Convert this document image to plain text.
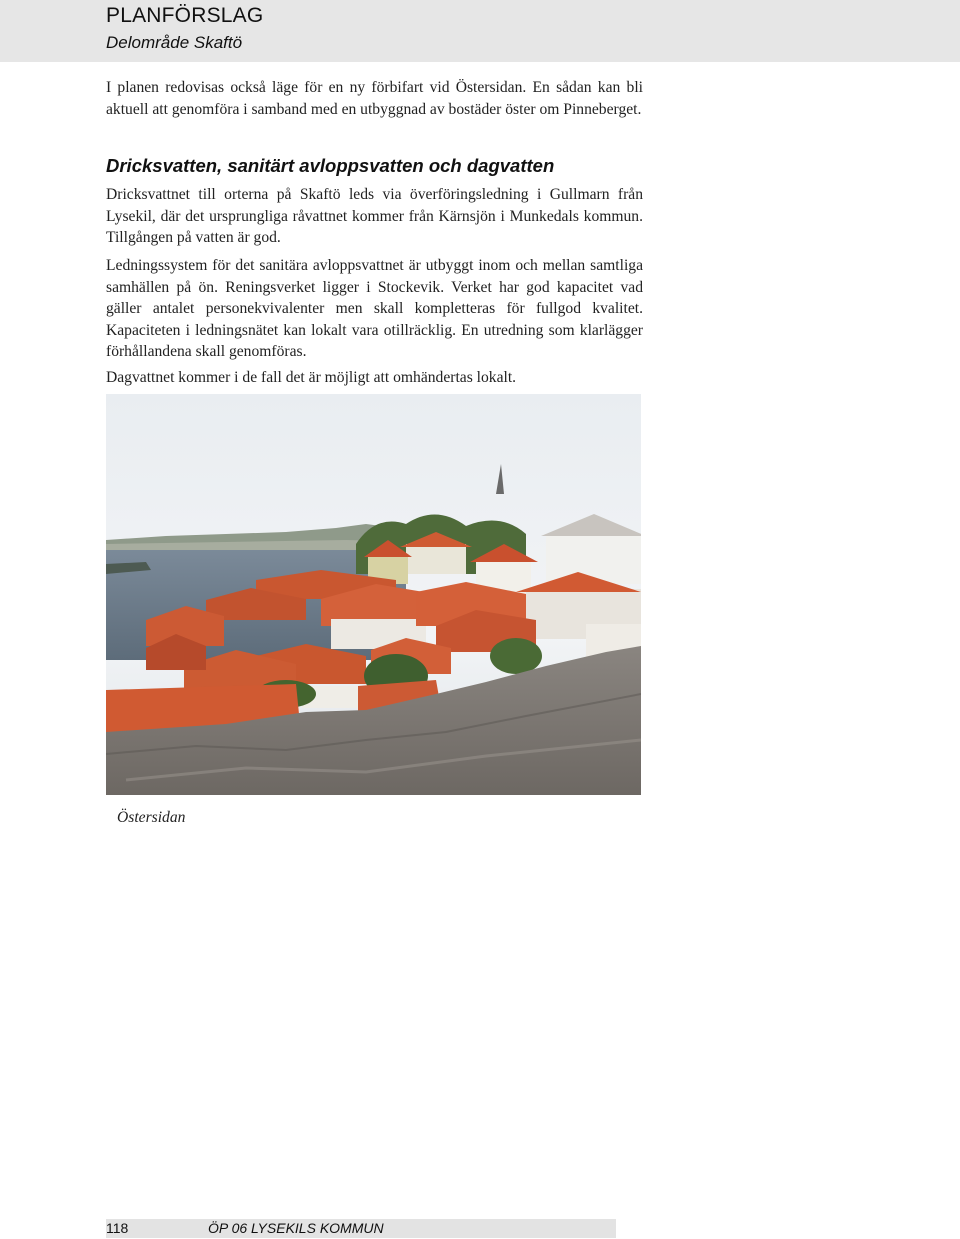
PLANFÖRSLAG
Delområde Skaftö

I planen redovisas också läge för en ny förbifart vid Östersidan. En sådan kan bli aktuell att genomföra i samband med en utbyggnad av bostäder öster om Pinneberget.

Dricksvatten, sanitärt avloppsvatten och dagvatten

Dricksvattnet till orterna på Skaftö leds via överföringsledning i Gullmarn från Lysekil, där det ursprungliga råvattnet kommer från Kärnsjön i Munkedals kommun. Tillgången på vatten är god.

Ledningssystem för det sanitära avloppsvattnet är utbyggt inom och mellan samtliga samhällen på ön. Reningsverket ligger i Stockevik. Verket har god kapacitet vad gäller antalet personekvivalenter men skall kompletteras för fullgod kvalitet. Kapaciteten i ledningsnätet kan lokalt vara otillräcklig. En utredning som klarlägger förhållandena skall genomföras.

Dagvattnet kommer i de fall det är möjligt att omhändertas lokalt.

Östersidan
118	ÖP 06 LYSEKILS KOMMUN
